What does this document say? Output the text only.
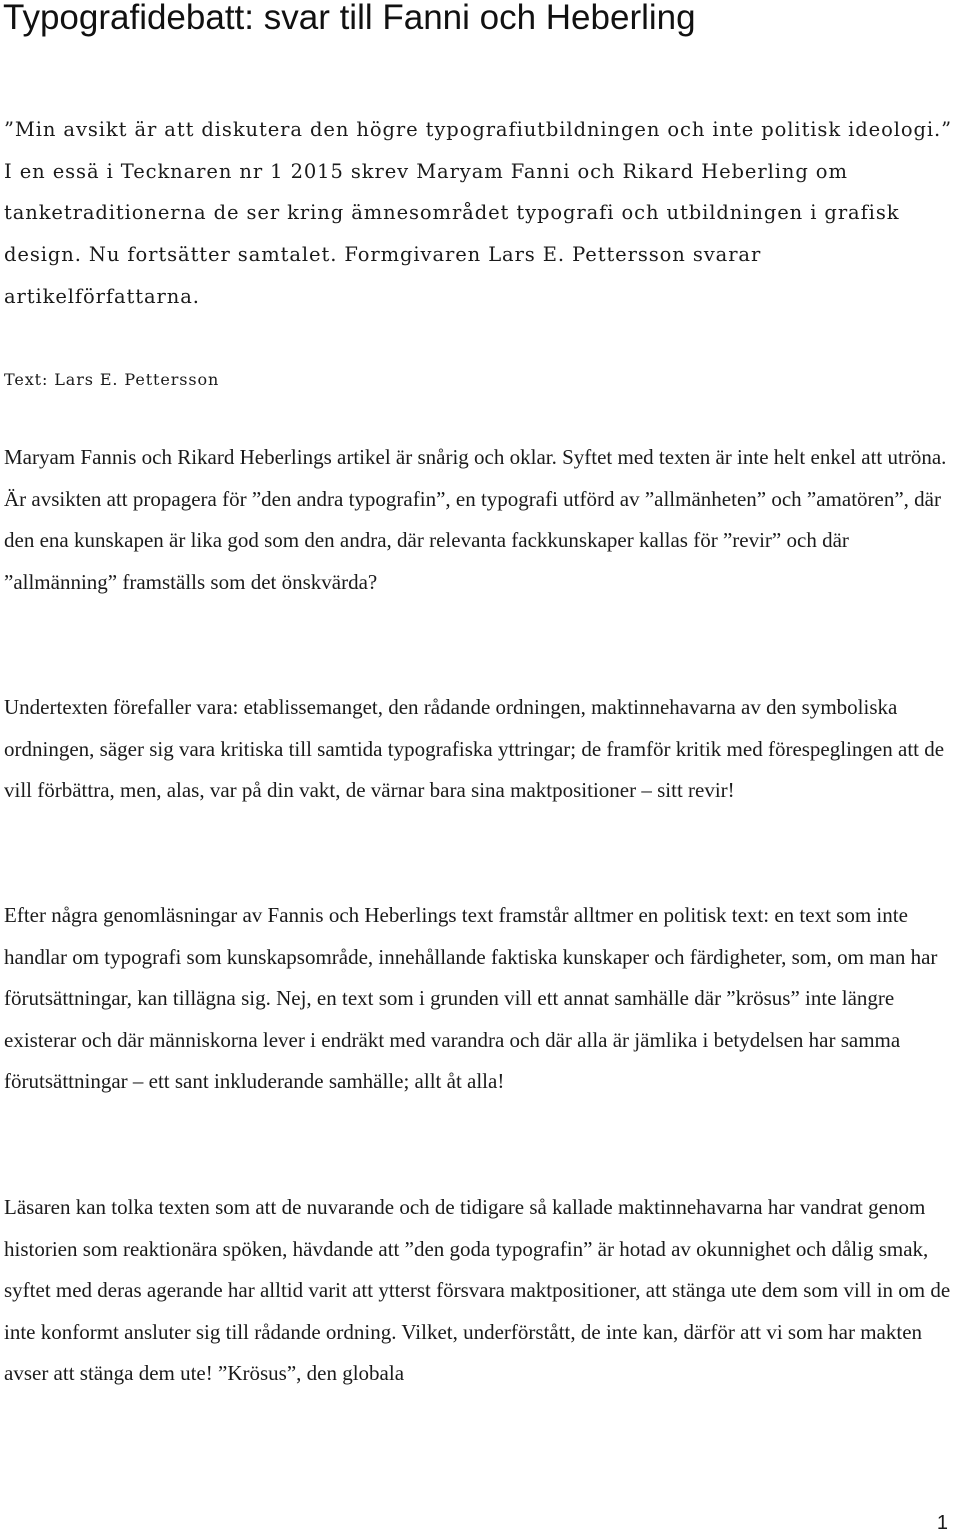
Typografidebatt: svar till Fanni och Heberling

”Min avsikt är att diskutera den högre typografiutbildningen och inte politisk ideologi.” I en essä i Tecknaren nr 1 2015 skrev Maryam Fanni och Rikard Heberling om tanketraditionerna de ser kring ämnesområdet typografi och utbildningen i grafisk design. Nu fortsätter samtalet. Formgivaren Lars E. Pettersson svarar artikelförfattarna.

Text: Lars E. Pettersson

Maryam Fannis och Rikard Heberlings artikel är snårig och oklar. Syftet med texten är inte helt enkel att utröna. Är avsikten att propagera för ”den andra typografin”, en typografi utförd av ”allmänheten” och ”amatören”, där den ena kunskapen är lika god som den andra, där relevanta fackkunskaper kallas för ”revir” och där ”allmänning” framställs som det önskvärda?

Undertexten förefaller vara: etablissemanget, den rådande ordningen, maktinnehavarna av den symboliska ordningen, säger sig vara kritiska till samtida typografiska yttringar; de framför kritik med förespeglingen att de vill förbättra, men, alas, var på din vakt, de värnar bara sina maktpositioner – sitt revir!

Efter några genomläsningar av Fannis och Heberlings text framstår alltmer en politisk text: en text som inte handlar om typografi som kunskapsområde, innehållande faktiska kunskaper och färdigheter, som, om man har förutsättningar, kan tillägna sig. Nej, en text som i grunden vill ett annat samhälle där ”krösus” inte längre existerar och där människorna lever i endräkt med varandra och där alla är jämlika i betydelsen har samma förutsättningar – ett sant inkluderande samhälle; allt åt alla!

Läsaren kan tolka texten som att de nuvarande och de tidigare så kallade maktinnehavarna har vandrat genom historien som reaktionära spöken, hävdande att ”den goda typografin” är hotad av okunnighet och dålig smak, syftet med deras agerande har alltid varit att ytterst försvara maktpositioner, att stänga ute dem som vill in om de inte konformt ansluter sig till rådande ordning. Vilket, underförstått, de inte kan, därför att vi som har makten avser att stänga dem ute! ”Krösus”, den globala

1
